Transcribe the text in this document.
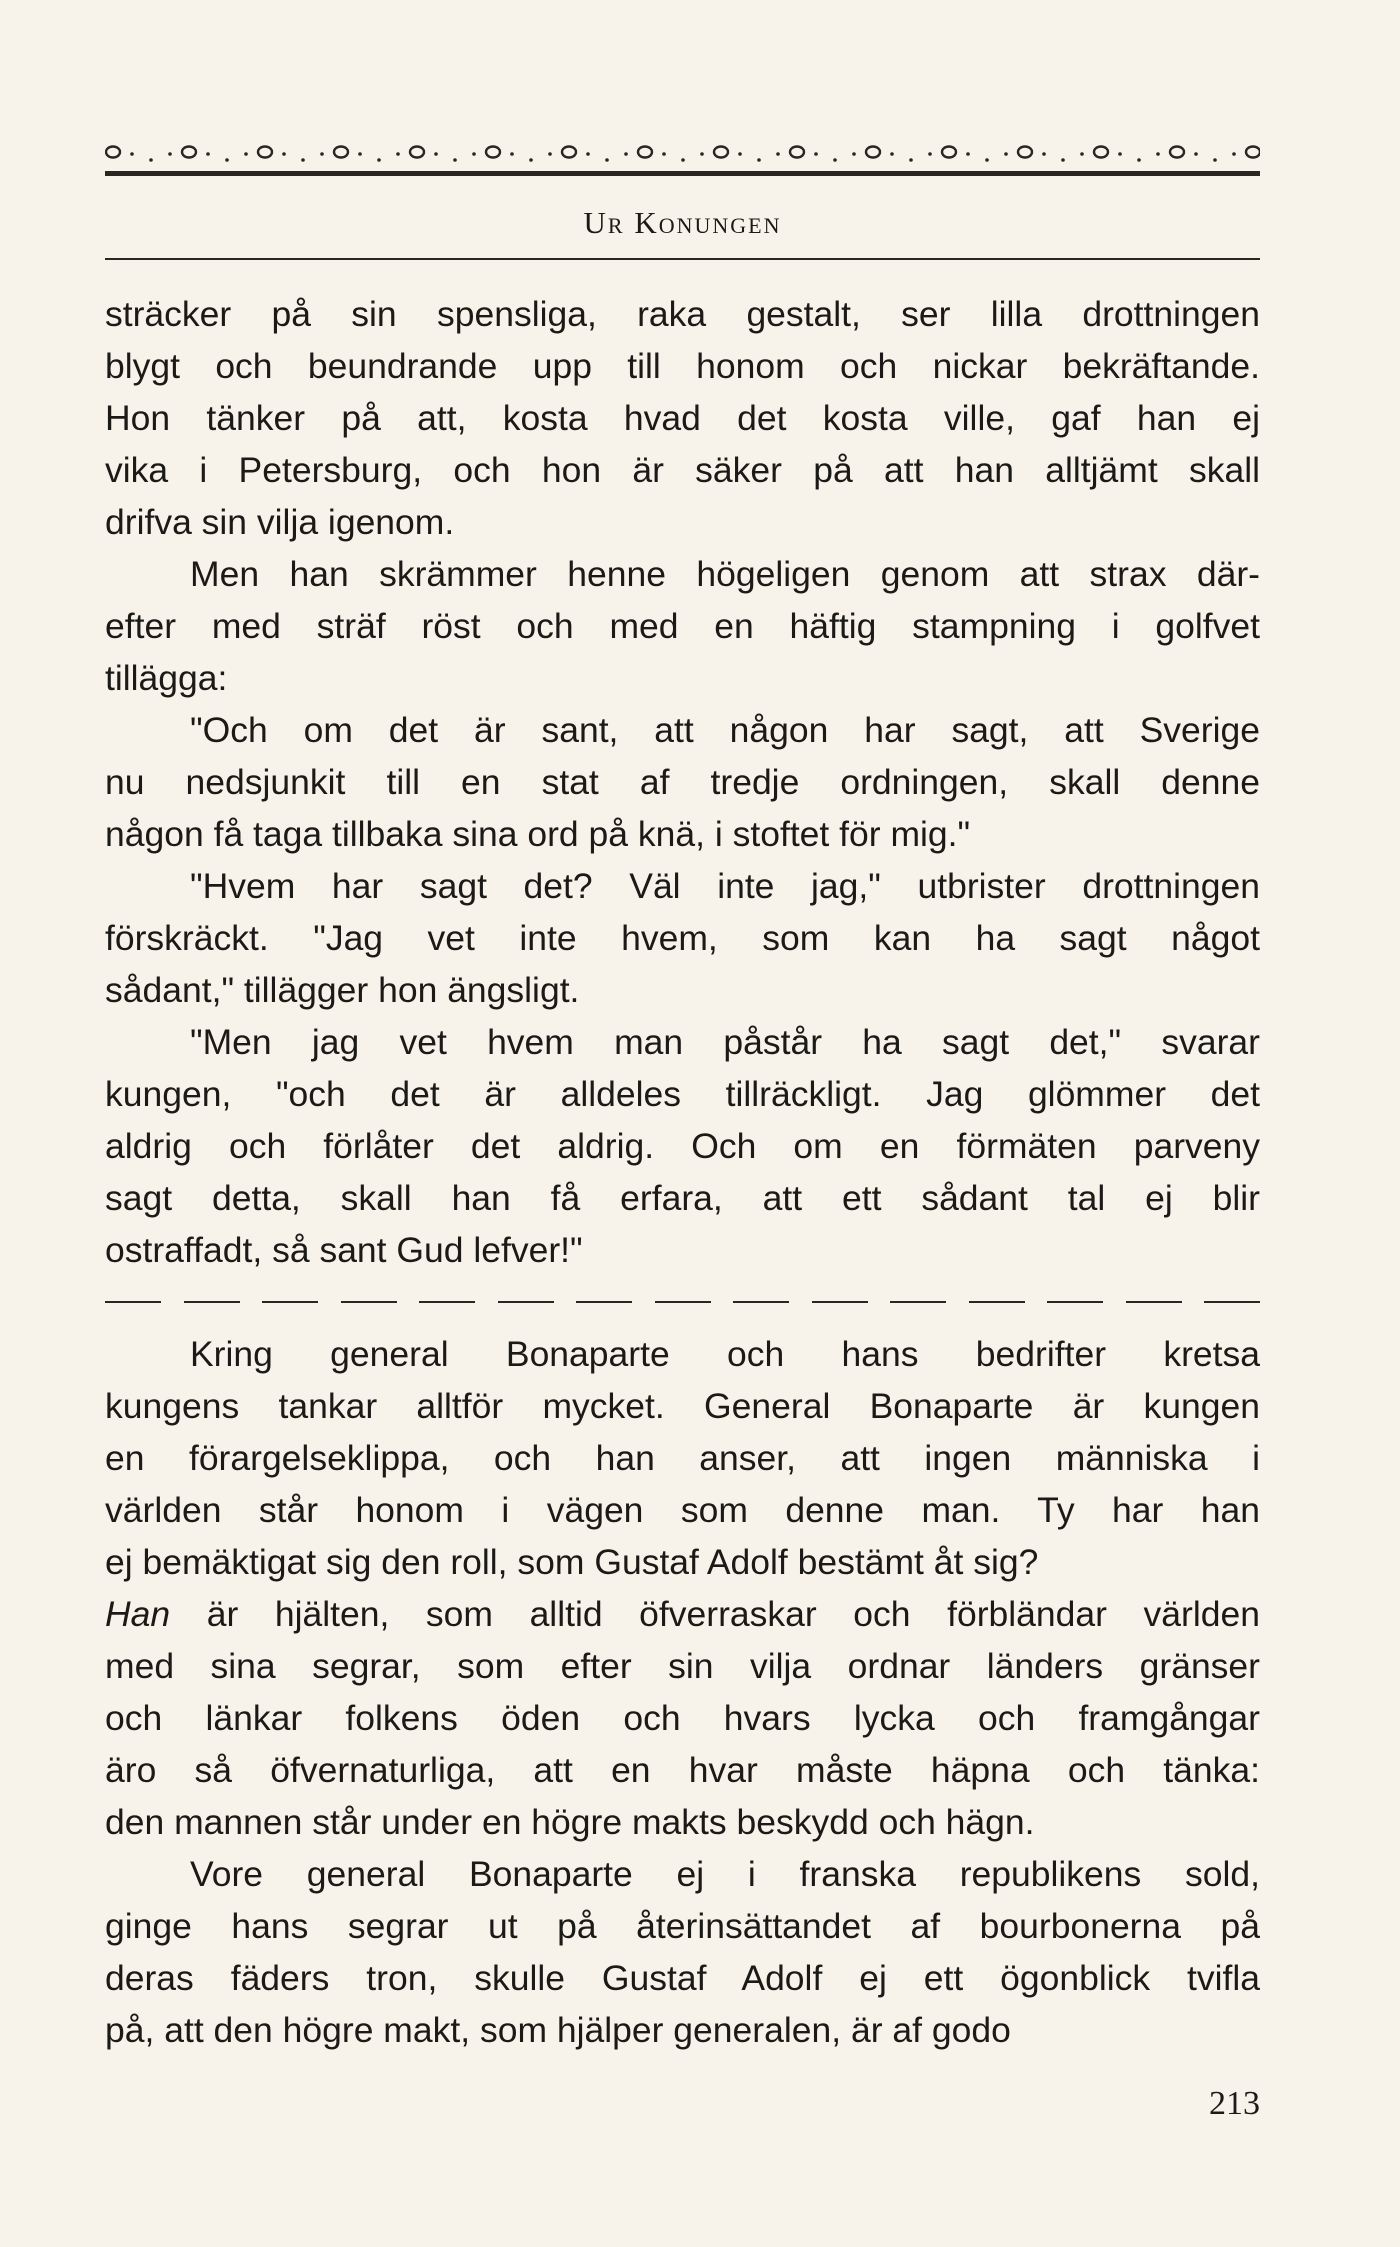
Ur Konungen

sträcker på sin spensliga, raka gestalt, ser lilla drottningen

blygt och beundrande upp till honom och nickar bekräftande.

Hon tänker på att, kosta hvad det kosta ville, gaf han ej

vika i Petersburg, och hon är säker på att han alltjämt skall

drifva sin vilja igenom.

Men han skrämmer henne högeligen genom att strax där-

efter med sträf röst och med en häftig stampning i golfvet

tillägga:

"Och om det är sant, att någon har sagt, att Sverige

nu nedsjunkit till en stat af tredje ordningen, skall denne

någon få taga tillbaka sina ord på knä, i stoftet för mig."

"Hvem har sagt det? Väl inte jag," utbrister drottningen

förskräckt. "Jag vet inte hvem, som kan ha sagt något

sådant," tillägger hon ängsligt.

"Men jag vet hvem man påstår ha sagt det," svarar

kungen, "och det är alldeles tillräckligt. Jag glömmer det

aldrig och förlåter det aldrig. Och om en förmäten parveny

sagt detta, skall han få erfara, att ett sådant tal ej blir

ostraffadt, så sant Gud lefver!"

Kring general Bonaparte och hans bedrifter kretsa

kungens tankar alltför mycket. General Bonaparte är kungen

en förargelseklippa, och han anser, att ingen människa i

världen står honom i vägen som denne man. Ty har han

ej bemäktigat sig den roll, som Gustaf Adolf bestämt åt sig?

Han är hjälten, som alltid öfverraskar och förbländar världen

med sina segrar, som efter sin vilja ordnar länders gränser

och länkar folkens öden och hvars lycka och framgångar

äro så öfvernaturliga, att en hvar måste häpna och tänka:

den mannen står under en högre makts beskydd och hägn.

Vore general Bonaparte ej i franska republikens sold,

ginge hans segrar ut på återinsättandet af bourbonerna på

deras fäders tron, skulle Gustaf Adolf ej ett ögonblick tvifla

på, att den högre makt, som hjälper generalen, är af godo

213
